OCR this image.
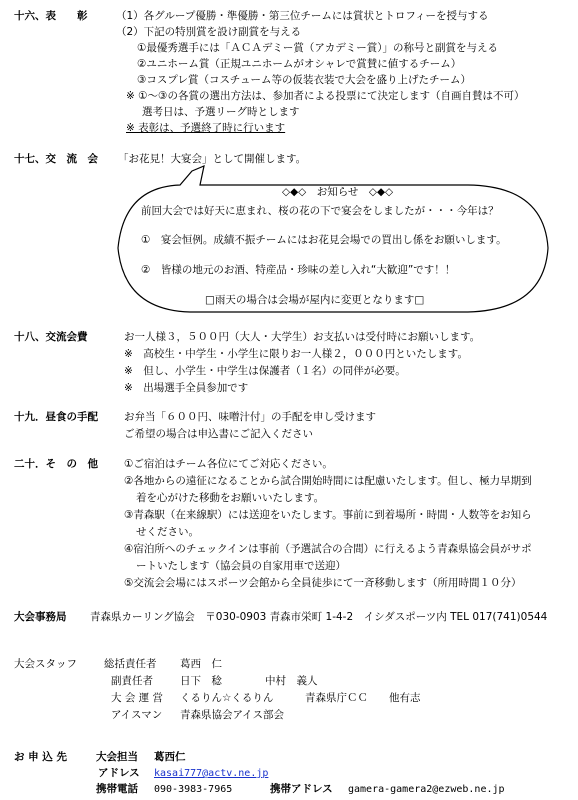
十六、表　　彰	（1）各グループ優勝・準優勝・第三位チームには賞状とトロフィーを授与する
（2）下記の特別賞を設け副賞を与える
①最優秀選手には「ＡＣＡデミー賞（アカデミー賞）」の称号と副賞を与える
②ユニホーム賞（正規ユニホームがオシャレで賞賛に値するチーム）
③コスプレ賞（コスチューム等の仮装衣装で大会を盛り上げたチーム）
※ ①〜③の各賞の選出方法は、参加者による投票にて決定します（自画自賛は不可）
選考日は、予選リーグ時とします
※ 表彰は、予選終了時に行います
十七、交　流　会 「お花見！大宴会」として開催します。
◇◆◇　お知らせ　◇◆◇
前回大会では好天に恵まれ、桜の花の下で宴会をしましたが・・・今年は？
①　宴会恒例。成績不振チームにはお花見会場での買出し係をお願いします。
②　皆様の地元のお酒、特産品・珍味の差し入れ“大歓迎”です！！
□雨天の場合は会場が屋内に変更となります□
十八、交流会費	お一人様３，５００円（大人・大学生）お支払いは受付時にお願いします。
※　高校生・中学生・小学生に限りお一人様２，０００円といたします。
※　但し、小学生・中学生は保護者（１名）の同伴が必要。
※　出場選手全員参加です
十九．昼食の手配 お弁当「６００円、味噌汁付」の手配を申し受けます
ご希望の場合は申込書にご記入ください
二十．そ　の　他 ①ご宿泊はチーム各位にてご対応ください。
②各地からの遠征になることから試合開始時間には配慮いたします。但し、極力早期到
着を心がけた移動をお願いいたします。
③青森駅（在来線駅）には送迎をいたします。事前に到着場所・時間・人数等をお知ら
せください。
④宿泊所へのチェックインは事前（予選試合の合間）に行えるよう青森県協会員がサポ
ートいたします（協会員の自家用車で送迎）
⑤交流会会場にはスポーツ会館から全員徒歩にて一斉移動します（所用時間１０分）
大会事務局 青森県カーリング協会　〒030-0903 青森市栄町 1-4-2　イシダスポーツ内 TEL 017(741)0544
大会スタッフ	総括責任者 葛西　仁
副責任者	日下　稔	中村　義人
大 会 運 営 くるりん☆くるりん	青森県庁ＣＣ　　他有志
アイスマン 青森県協会アイス部会
お 申 込 先	大会担当 葛西仁
アドレス kasai777@actv.ne.jp
携帯電話 090-3983-7965	携帯アドレス gamera-gamera2@ezweb.ne.jp
